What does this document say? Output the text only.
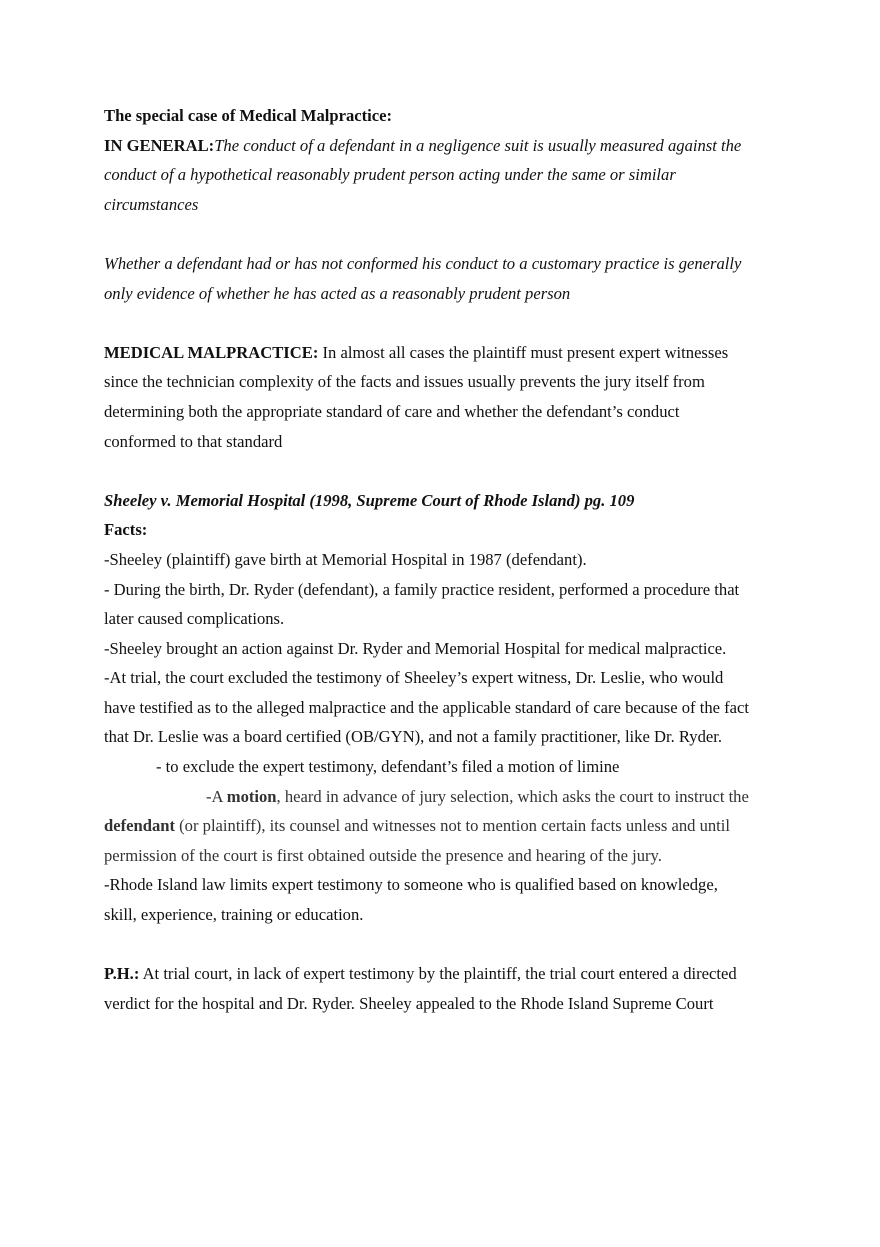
The special case of Medical Malpractice:
IN GENERAL:The conduct of a defendant in a negligence suit is usually measured against the
conduct of a hypothetical reasonably prudent person acting under the same or similar
circumstances
Whether a defendant had or has not conformed his conduct to a customary practice is generally
only evidence of whether he has acted as a reasonably prudent person
MEDICAL MALPRACTICE: In almost all cases the plaintiff must present expert witnesses
since the technician complexity of the facts and issues usually prevents the jury itself from
determining both the appropriate standard of care and whether the defendant’s conduct
conformed to that standard
Sheeley v. Memorial Hospital (1998, Supreme Court of Rhode Island) pg. 109
Facts:
-Sheeley (plaintiff) gave birth at Memorial Hospital in 1987 (defendant).
- During the birth, Dr. Ryder (defendant), a family practice resident, performed a procedure that
later caused complications.
-Sheeley brought an action against Dr. Ryder and Memorial Hospital for medical malpractice.
-At trial, the court excluded the testimony of Sheeley’s expert witness, Dr. Leslie, who would
have testified as to the alleged malpractice and the applicable standard of care because of the fact
that Dr. Leslie was a board certified (OB/GYN), and not a family practitioner, like Dr. Ryder.
- to exclude the expert testimony, defendant’s filed a motion of limine
-A motion, heard in advance of jury selection, which asks the court to instruct the
defendant (or plaintiff), its counsel and witnesses not to mention certain facts unless and until
permission of the court is first obtained outside the presence and hearing of the jury.
-Rhode Island law limits expert testimony to someone who is qualified based on knowledge,
skill, experience, training or education.
P.H.: At trial court, in lack of expert testimony by the plaintiff, the trial court entered a directed
verdict for the hospital and Dr. Ryder. Sheeley appealed to the Rhode Island Supreme Court
